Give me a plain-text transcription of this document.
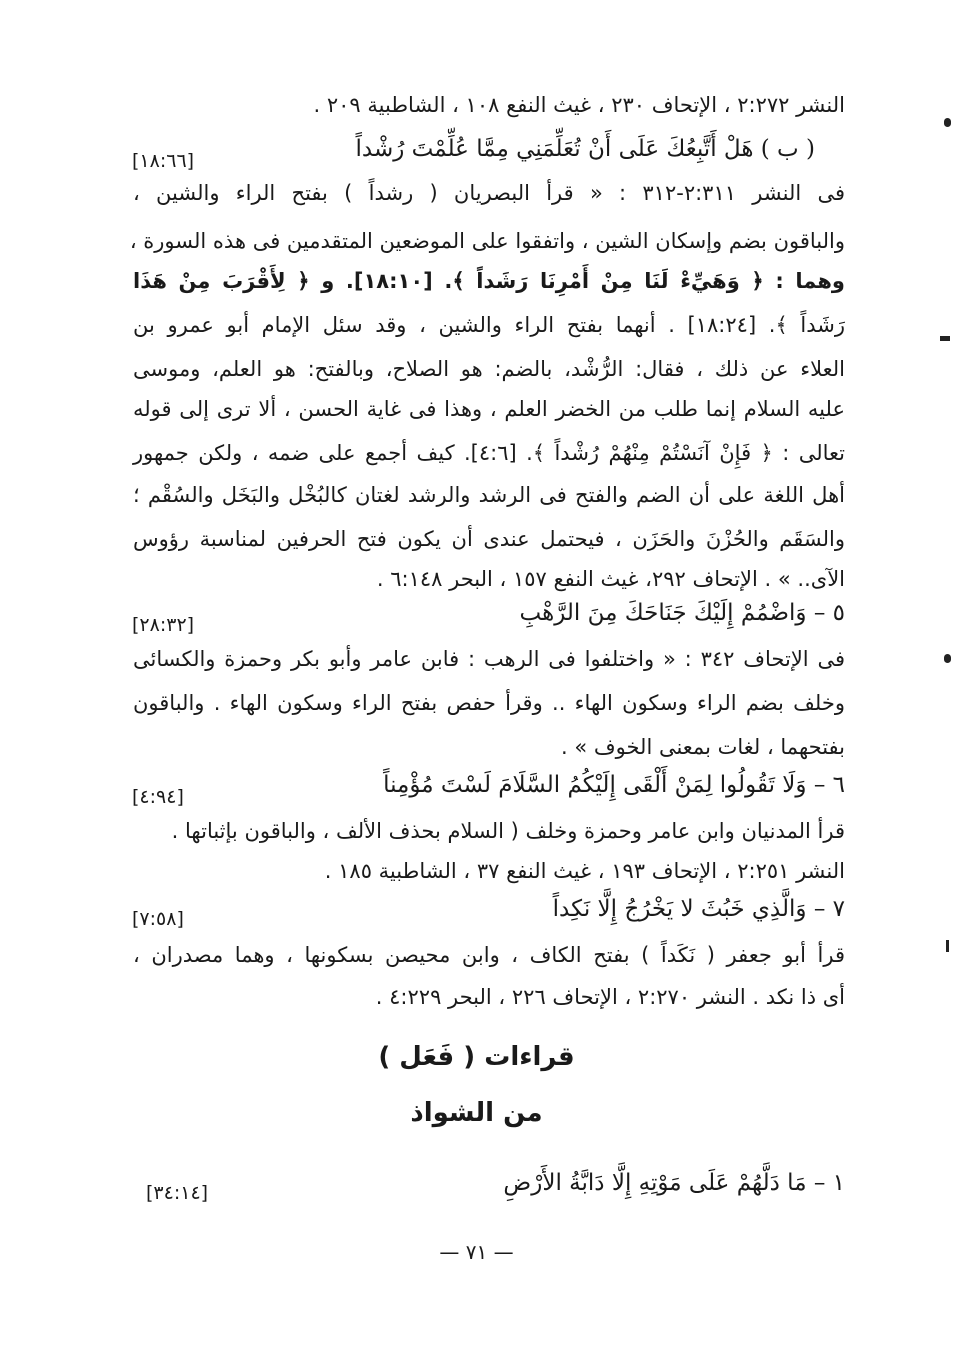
النشر ٢:٢٧٢ ، الإتحاف ٢٣٠ ، غيث النفع ١٠٨ ، الشاطبية ٢٠٩ .
( ب ) هَلْ أَتَّبِعُكَ عَلَى أَنْ تُعَلِّمَنِي مِمَّا عُلِّمْتَ رُشْداً
[١٨:٦٦]
فى النشر ٢:٣١١-٣١٢ : « قرأ البصريان ( رشداً ) بفتح الراء والشين ،
والباقون بضم وإسكان الشين ، واتفقوا على الموضعين المتقدمين فى هذه السورة ،
وهما : ﴿ وَهَيِّءْ لَنَا مِنْ أَمْرِنَا رَشَداً ﴾. [١٨:١٠]. و ﴿ لِأَقْرَبَ مِنْ هَذَا
رَشَداً ﴾. [١٨:٢٤] . أنهما بفتح الراء والشين ، وقد سئل الإمام أبو عمرو بن
العلاء عن ذلك ، فقال: الرُّشْد، بالضم: هو الصلاح، وبالفتح: هو العلم، وموسى
عليه السلام إنما طلب من الخضر العلم ، وهذا فى غاية الحسن ، ألا ترى إلى قوله
تعالى : ﴿ فَإِنْ آنَسْتُمْ مِنْهُمْ رُشْداً ﴾. [٤:٦]. كيف أجمع على ضمه ، ولكن جمهور
أهل اللغة على أن الضم والفتح فى الرشد والرشد لغتان كالبُخْل والبَخَل والسُقْم ؛
والسَقَم والحُزْنَ والحَزَن ، فيحتمل عندى أن يكون فتح الحرفين لمناسبة رؤوس
الآى.. » . الإتحاف ٢٩٢، غيث النفع ١٥٧ ، البحر ٦:١٤٨ .
٥ – وَاضْمُمْ إِلَيْكَ جَنَاحَكَ مِنَ الرَّهْبِ
[٢٨:٣٢]
فى الإتحاف ٣٤٢ : « واختلفوا فى الرهب : فابن عامر وأبو بكر وحمزة والكسائى
وخلف بضم الراء وسكون الهاء .. وقرأ حفص بفتح الراء وسكون الهاء . والباقون
بفتحهما ، لغات بمعنى الخوف » .
٦ – وَلَا تَقُولُوا لِمَنْ أَلْقَى إِلَيْكُمُ السَّلَامَ لَسْتَ مُؤْمِناً
[٤:٩٤]
قرأ المدنيان وابن عامر وحمزة وخلف ( السلام بحذف الألف ، والباقون بإثباتها .
النشر ٢:٢٥١ ، الإتحاف ١٩٣ ، غيث النفع ٣٧ ، الشاطبية ١٨٥ .
٧ – وَالَّذِي خَبُثَ لا يَخْرُجُ إِلَّا نَكِداً
[٧:٥٨]
قرأ أبو جعفر ( نَكَداً ) بفتح الكاف ، وابن محيصن بسكونها ، وهما مصدران ،
أى ذا نكد . النشر ٢:٢٧٠ ، الإتحاف ٢٢٦ ، البحر ٤:٢٢٩ .
قراءات ( فَعَل )
من الشواذ
١ – مَا دَلَّهُمْ عَلَى مَوْتِهِ إِلَّا دَابَّةُ الأَرْضِ
[٣٤:١٤]
— ٧١ —
